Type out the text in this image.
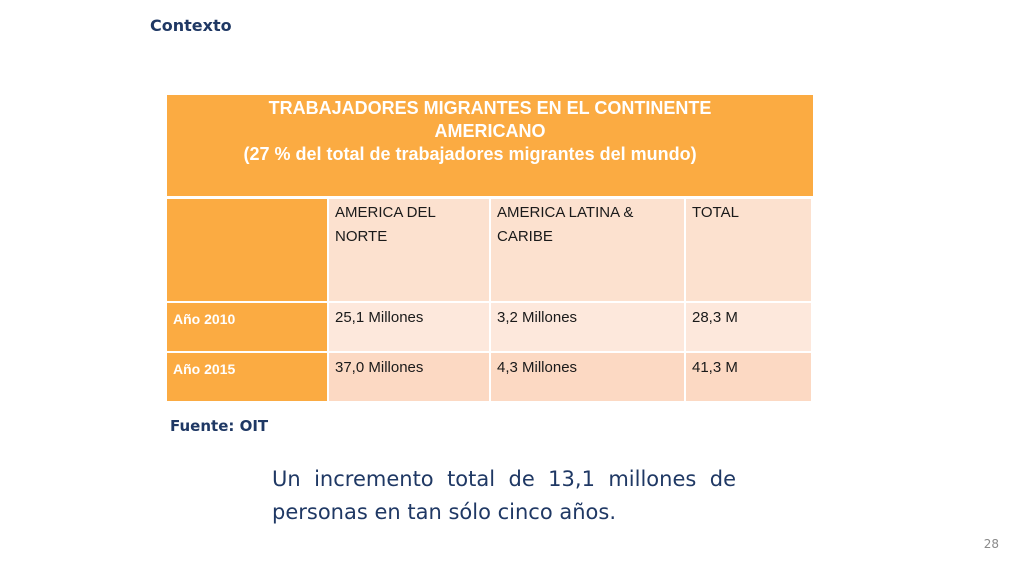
Contexto
TRABAJADORES MIGRANTES EN EL CONTINENTE
AMERICANO
(27 % del total de trabajadores migrantes del mundo)			

	AMERICA DEL NORTE	AMERICA LATINA & CARIBE	TOTAL
Año 2010	25,1 Millones	3,2 Millones	28,3 M
Año 2015	37,0 Millones	4,3 Millones	41,3 M
Fuente: OIT
Un incremento total de 13,1 millones de personas en tan sólo cinco años.
28
